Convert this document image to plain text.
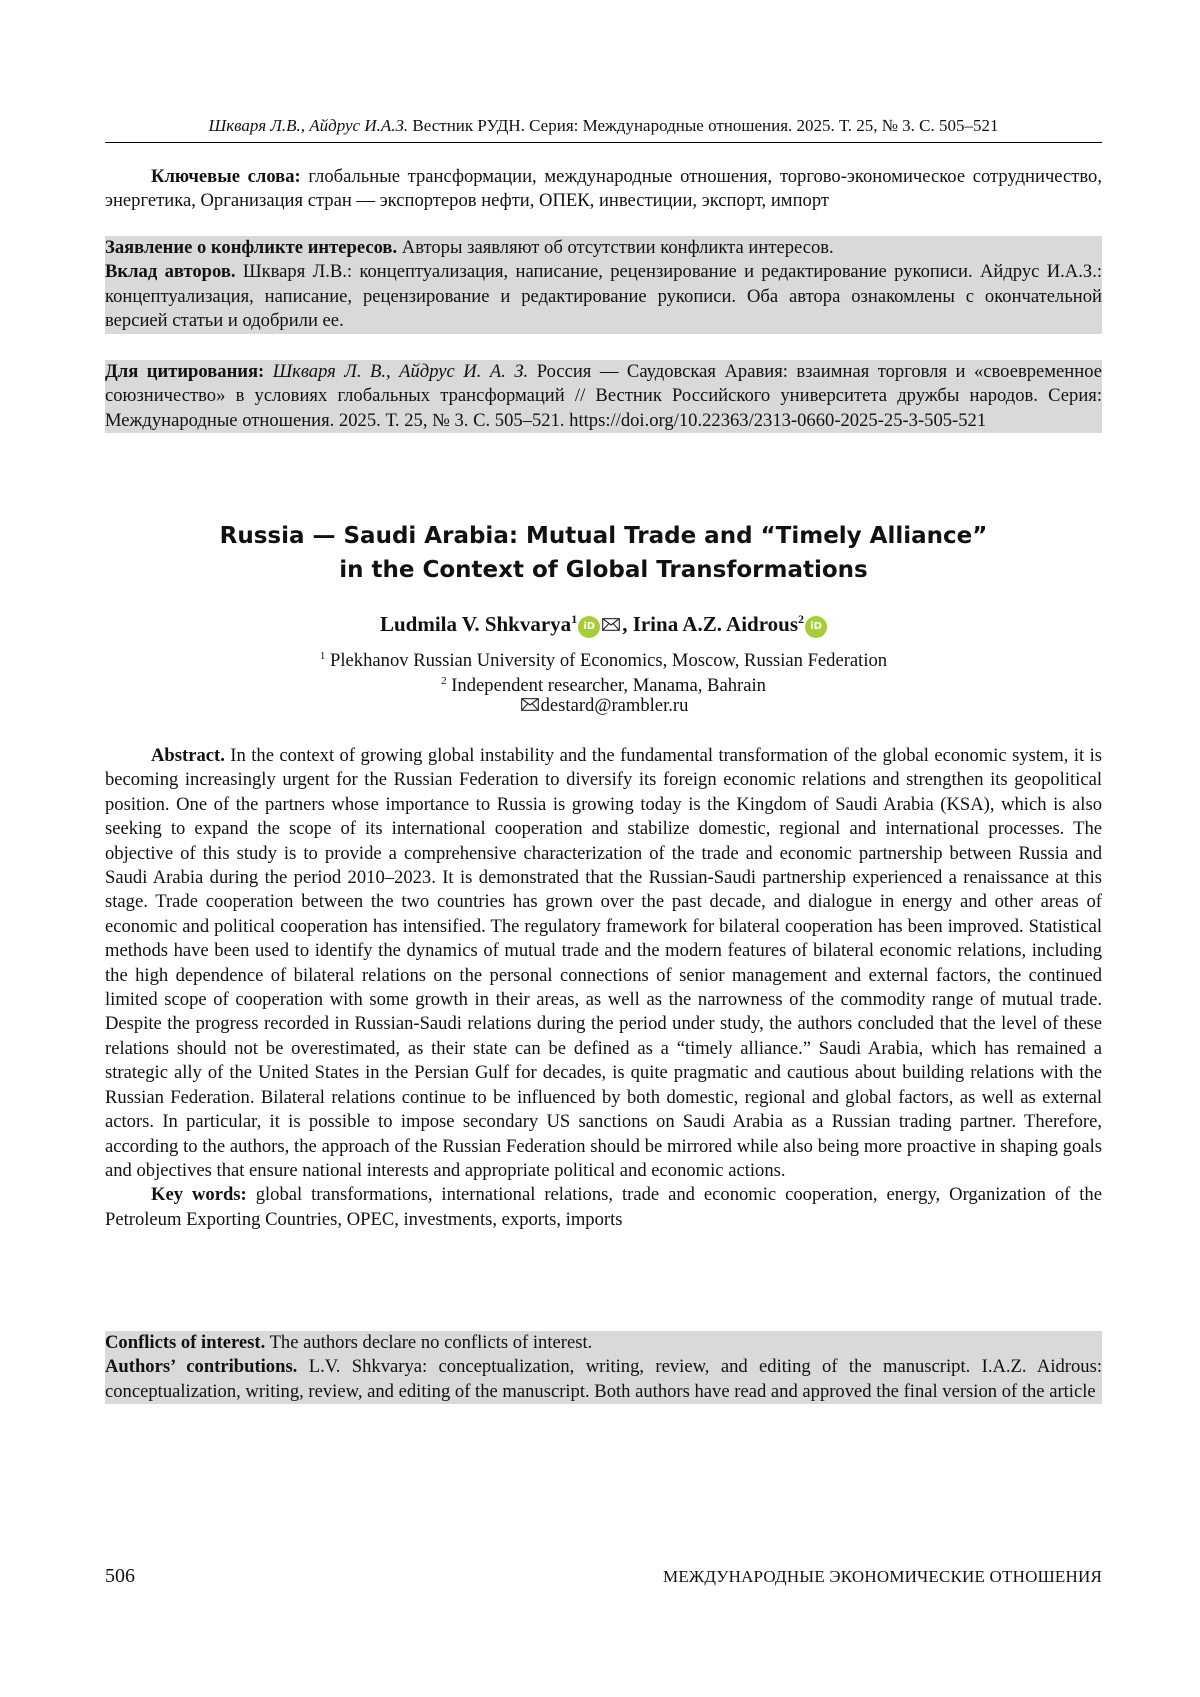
Шкваря Л.В., Айдрус И.А.З. Вестник РУДН. Серия: Международные отношения. 2025. Т. 25, № 3. С. 505–521

Ключевые слова: глобальные трансформации, международные отношения, торгово-экономическое сотрудничество, энергетика, Организация стран — экспортеров нефти, ОПЕК, инвестиции, экспорт, импорт

Заявление о конфликте интересов. Авторы заявляют об отсутствии конфликта интересов.

Вклад авторов. Шкваря Л.В.: концептуализация, написание, рецензирование и редактирование рукописи. Айдрус И.А.З.: концептуализация, написание, рецензирование и редактирование рукописи. Оба автора ознакомлены с окончательной версией статьи и одобрили ее.

Для цитирования: Шкваря Л. В., Айдрус И. А. З. Россия — Саудовская Аравия: взаимная торговля и «своевременное союзничество» в условиях глобальных трансформаций // Вестник Российского университета дружбы народов. Серия: Международные отношения. 2025. Т. 25, № 3. С. 505–521. https://doi.org/10.22363/2313-0660-2025-25-3-505-521

Russia — Saudi Arabia: Mutual Trade and “Timely Alliance”
in the Context of Global Transformations
Ludmila V. Shkvarya$^1$iD , Irina A.Z. Aidrous$^2$iD
$^1$ Plekhanov Russian University of Economics, Moscow, Russian Federation
$^2$ Independent researcher, Manama, Bahrain
destard@rambler.ru

Abstract. In the context of growing global instability and the fundamental transformation of the global economic system, it is becoming increasingly urgent for the Russian Federation to diversify its foreign economic relations and strengthen its geopolitical position. One of the partners whose importance to Russia is growing today is the Kingdom of Saudi Arabia (KSA), which is also seeking to expand the scope of its international cooperation and stabilize domestic, regional and international processes. The objective of this study is to provide a comprehensive characterization of the trade and economic partnership between Russia and Saudi Arabia during the period 2010–2023. It is demonstrated that the Russian-Saudi partnership experienced a renaissance at this stage. Trade cooperation between the two countries has grown over the past decade, and dialogue in energy and other areas of economic and political cooperation has intensified. The regulatory framework for bilateral cooperation has been improved. Statistical methods have been used to identify the dynamics of mutual trade and the modern features of bilateral economic relations, including the high dependence of bilateral relations on the personal connections of senior management and external factors, the continued limited scope of cooperation with some growth in their areas, as well as the narrowness of the commodity range of mutual trade. Despite the progress recorded in Russian-Saudi relations during the period under study, the authors concluded that the level of these relations should not be overestimated, as their state can be defined as a “timely alliance.” Saudi Arabia, which has remained a strategic ally of the United States in the Persian Gulf for decades, is quite pragmatic and cautious about building relations with the Russian Federation. Bilateral relations continue to be influenced by both domestic, regional and global factors, as well as external actors. In particular, it is possible to impose secondary US sanctions on Saudi Arabia as a Russian trading partner. Therefore, according to the authors, the approach of the Russian Federation should be mirrored while also being more proactive in shaping goals and objectives that ensure national interests and appropriate political and economic actions.

Key words: global transformations, international relations, trade and economic cooperation, energy, Organization of the Petroleum Exporting Countries, OPEC, investments, exports, imports

Conflicts of interest. The authors declare no conflicts of interest.

Authors’ contributions. L.V. Shkvarya: conceptualization, writing, review, and editing of the manuscript. I.A.Z. Aidrous: conceptualization, writing, review, and editing of the manuscript. Both authors have read and approved the final version of the article

506	МЕЖДУНАРОДНЫЕ ЭКОНОМИЧЕСКИЕ ОТНОШЕНИЯ
